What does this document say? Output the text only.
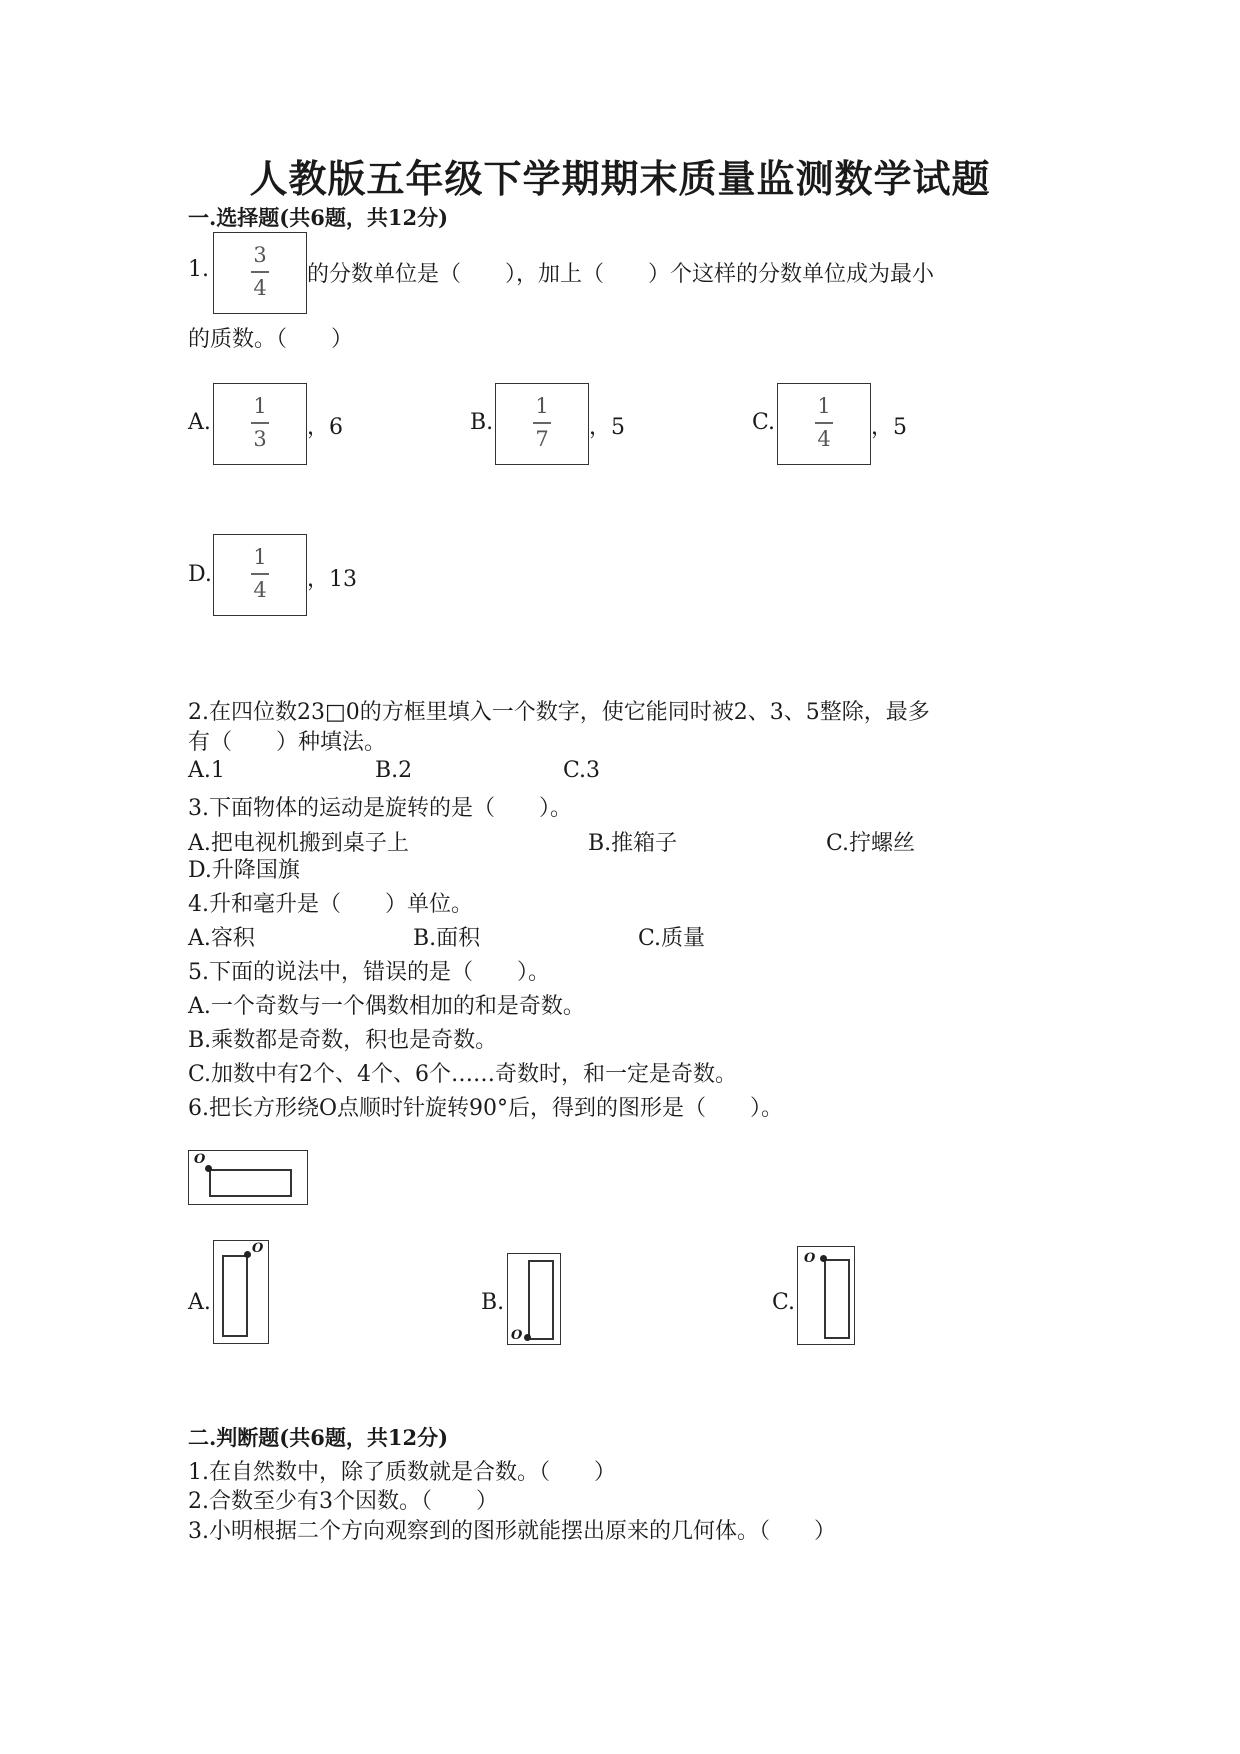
人教版五年级下学期期末质量监测数学试题
一.选择题(共6题，共12分)
1.
3
4
的分数单位是（　　），加上（　　）个这样的分数单位成为最小
的质数。（　　）
A.
1
3	，6	B.
1
7	，5	C.
1
4	，5
D.
1
4	，13
2.在四位数23□0的方框里填入一个数字，使它能同时被2、3、5整除，最多
有（　　）种填法。
A.1	B.2	C.3
3.下面物体的运动是旋转的是（　　）。
A.把电视机搬到桌子上	B.推箱子	C.拧螺丝
D.升降国旗
4.升和毫升是（　　）单位。
A.容积	B.面积	C.质量
5.下面的说法中，错误的是（　　）。
A.一个奇数与一个偶数相加的和是奇数。
B.乘数都是奇数，积也是奇数。
C.加数中有2个、4个、6个……奇数时，和一定是奇数。
6.把长方形绕O点顺时针旋转90°后，得到的图形是（　　）。
O
A.
O
B.
O
C.
O
二.判断题(共6题，共12分)
1.在自然数中，除了质数就是合数。（　　）
2.合数至少有3个因数。（　　）
3.小明根据二个方向观察到的图形就能摆出原来的几何体。（　　）
